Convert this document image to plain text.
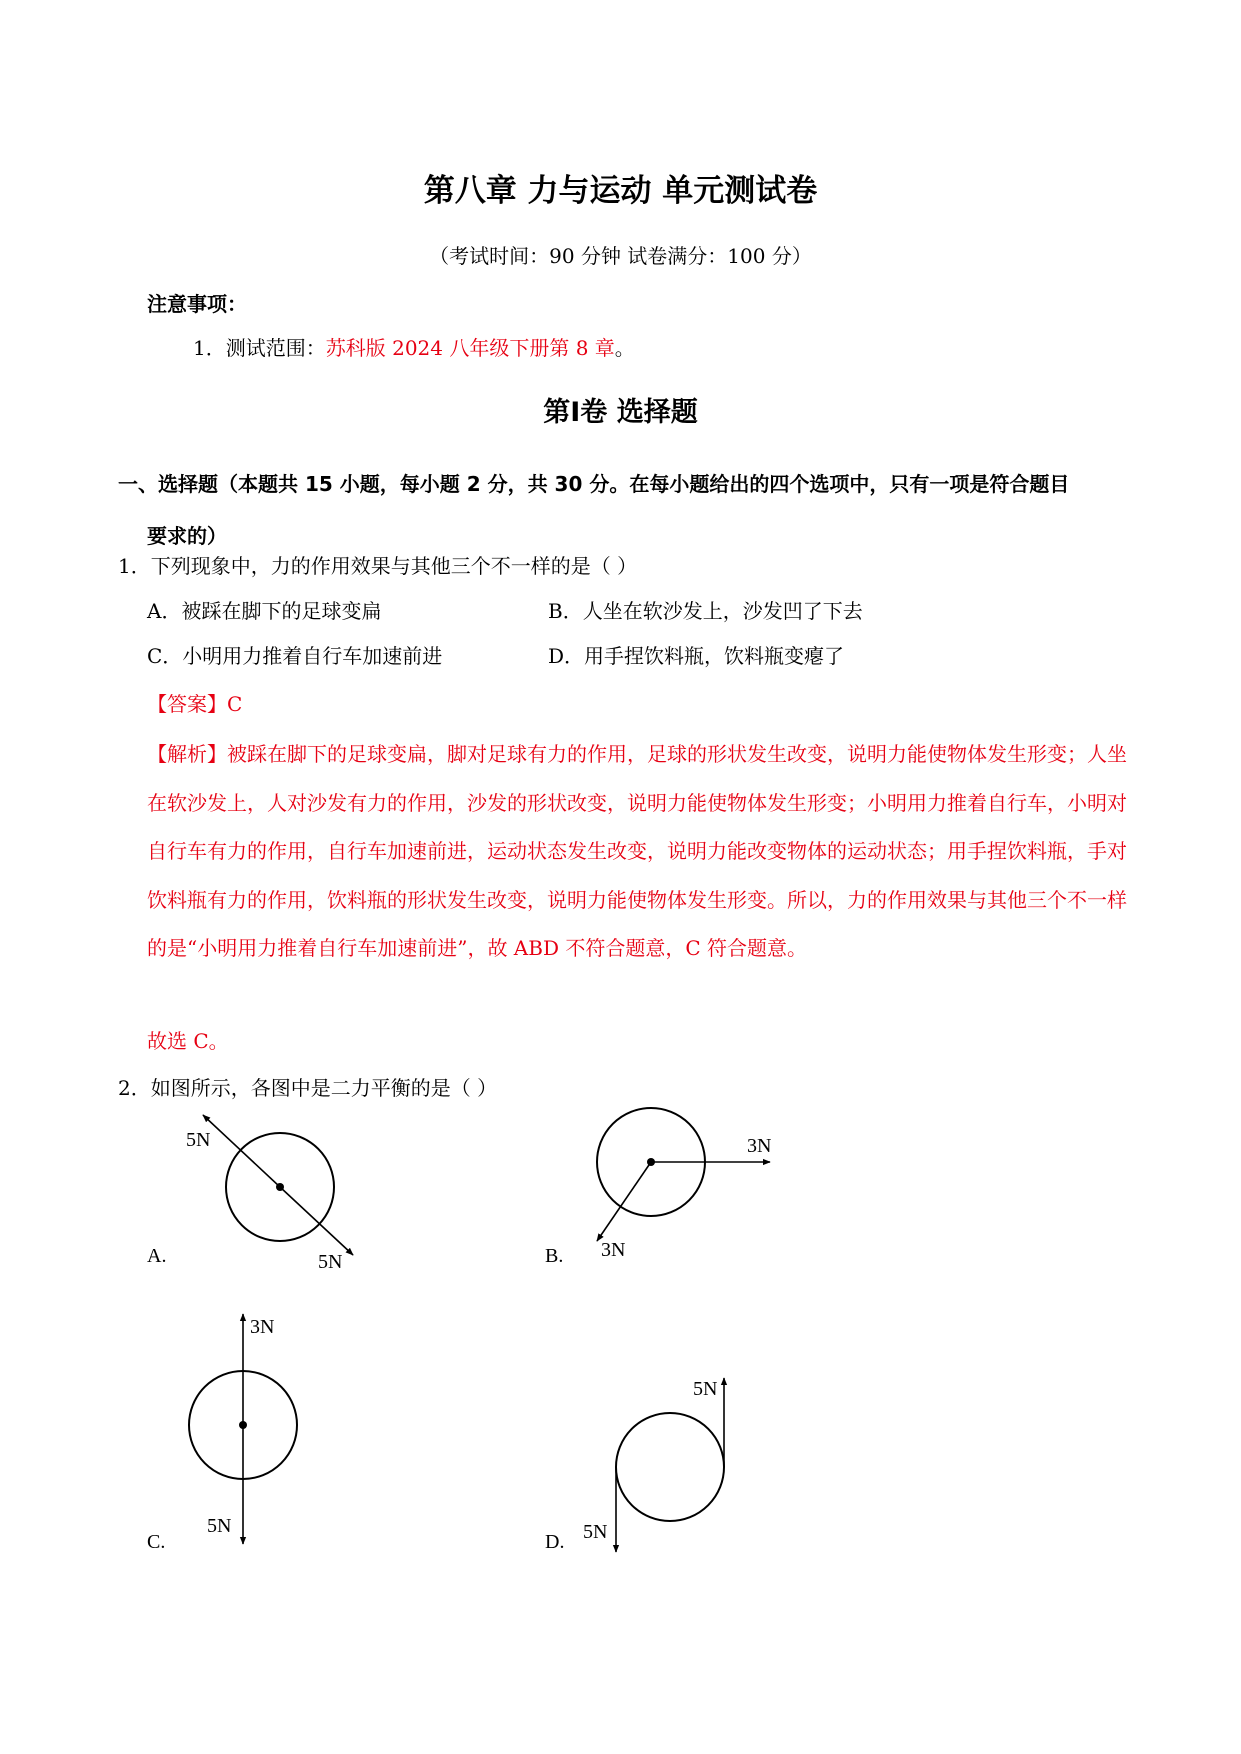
第八章 力与运动 单元测试卷
（考试时间：90 分钟 试卷满分：100 分）
注意事项：
1．测试范围：苏科版 2024 八年级下册第 8 章。
第Ⅰ卷 选择题
一、选择题（本题共 15 小题，每小题 2 分，共 30 分。在每小题给出的四个选项中，只有一项是符合题目
要求的）
1．下列现象中，力的作用效果与其他三个不一样的是（ ）
A．被踩在脚下的足球变扁	B．人坐在软沙发上，沙发凹了下去
C．小明用力推着自行车加速前进	D．用手捏饮料瓶，饮料瓶变瘪了
【答案】C
【解析】被踩在脚下的足球变扁，脚对足球有力的作用，足球的形状发生改变，说明力能使物体发生形变；人坐在软沙发上，人对沙发有力的作用，沙发的形状改变，说明力能使物体发生形变；小明用力推着自行车，小明对自行车有力的作用，自行车加速前进，运动状态发生改变，说明力能改变物体的运动状态；用手捏饮料瓶，手对饮料瓶有力的作用，饮料瓶的形状发生改变，说明力能使物体发生形变。所以，力的作用效果与其他三个不一样的是“小明用力推着自行车加速前进”，故 ABD 不符合题意，C 符合题意。
故选 C。
2．如图所示，各图中是二力平衡的是（ ）
5N
5N
A.
3N
3N
B.
3N
5N
C.
5N
5N
D.
